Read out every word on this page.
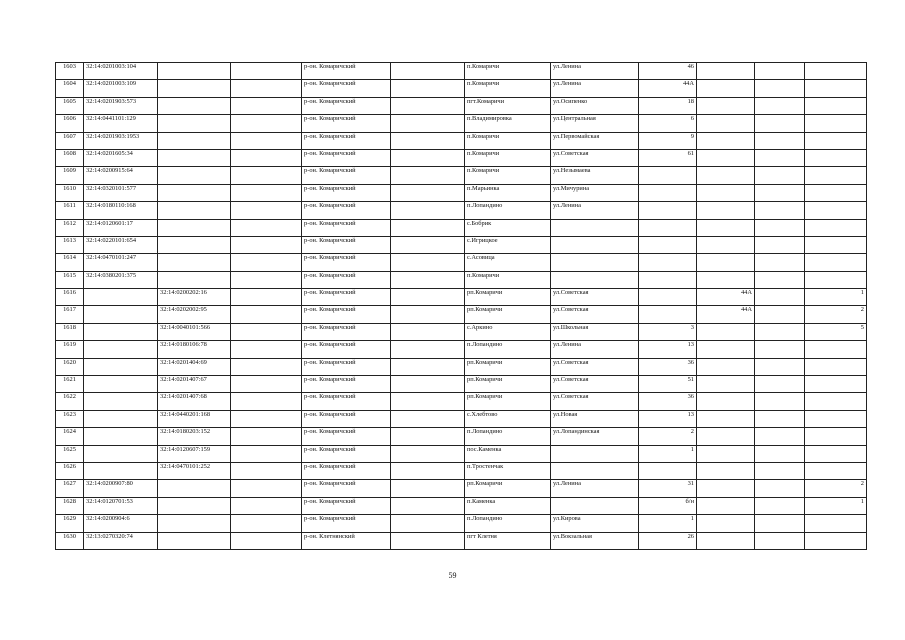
1603	32:14:0201003:104			р-он. Комаричский		п.Комаричи	ул.Ленина	46			
1604	32:14:0201003:109			р-он. Комаричский		п.Комаричи	ул.Ленина	44А			
1605	32:14:0201903:573			р-он. Комаричский		пгт.Комаричи	ул.Осипенко	18			
1606	32:14:0441101:129			р-он. Комаричский		п.Владимировка	ул.Центральная	6			
1607	32:14:0201903:1953			р-он. Комаричский		п.Комаричи	ул.Первомайская	9			
1608	32:14:0201605:34			р-он. Комаричский		п.Комаричи	ул.Советская	61			
1609	32:14:0200915:64			р-он. Комаричский		п.Комаричи	ул.Незымаева				
1610	32:14:0320101:577			р-он. Комаричский		п.Марьинка	ул.Мичурина				
1611	32:14:0180110:168			р-он. Комаричский		п.Лопандино	ул.Ленина				
1612	32:14:0120601:17			р-он. Комаричский		с.Бобрик					
1613	32:14:0220101:654			р-он. Комаричский		с.Игрицкое					
1614	32:14:0470101:247			р-он. Комаричский		с.Асовица					
1615	32:14:0380201:375			р-он. Комаричский		п.Комаричи					
1616		32:14:0200202:16		р-он. Комаричский		рп.Комаричи	ул.Советская		44А		1
1617		32:14:0202002:95		р-он. Комаричский		рп.Комаричи	ул.Советская		44А		2
1618		32:14:0040101:566		р-он. Комаричский		с.Аркино	ул.Школьная	3			5
1619		32:14:0180106:78		р-он. Комаричский		п.Лопандино	ул.Ленина	13			
1620		32:14:0201404:69		р-он. Комаричский		рп.Комаричи	ул.Советская	36			
1621		32:14:0201407:67		р-он. Комаричский		рп.Комаричи	ул.Советская	51			
1622		32:14:0201407:68		р-он. Комаричский		рп.Комаричи	ул.Советская	36			
1623		32:14:0440201:168		р-он. Комаричский		с.Хлебтово	ул.Новая	13			
1624		32:14:0180203:152		р-он. Комаричский		п.Лопандино	ул.Лопандинская	2			
1625		32:14:0120607:159		р-он. Комаричский		пос.Каменка		1			
1626		32:14:0470101:252		р-он. Комаричский		п.Тростенчак					
1627	32:14:0200907:80			р-он. Комаричский		рп.Комаричи	ул.Ленина	31			2
1628	32:14:0120701:53			р-он. Комаричский		п.Каменка		б/н			1
1629	32:14:0200904:6			р-он. Комаричский		п.Лопандино	ул.Кирова	1			
1630	32:13:0270320:74			р-он. Клетнянский		пгт Клетня	ул.Вокзальная	26			
59
